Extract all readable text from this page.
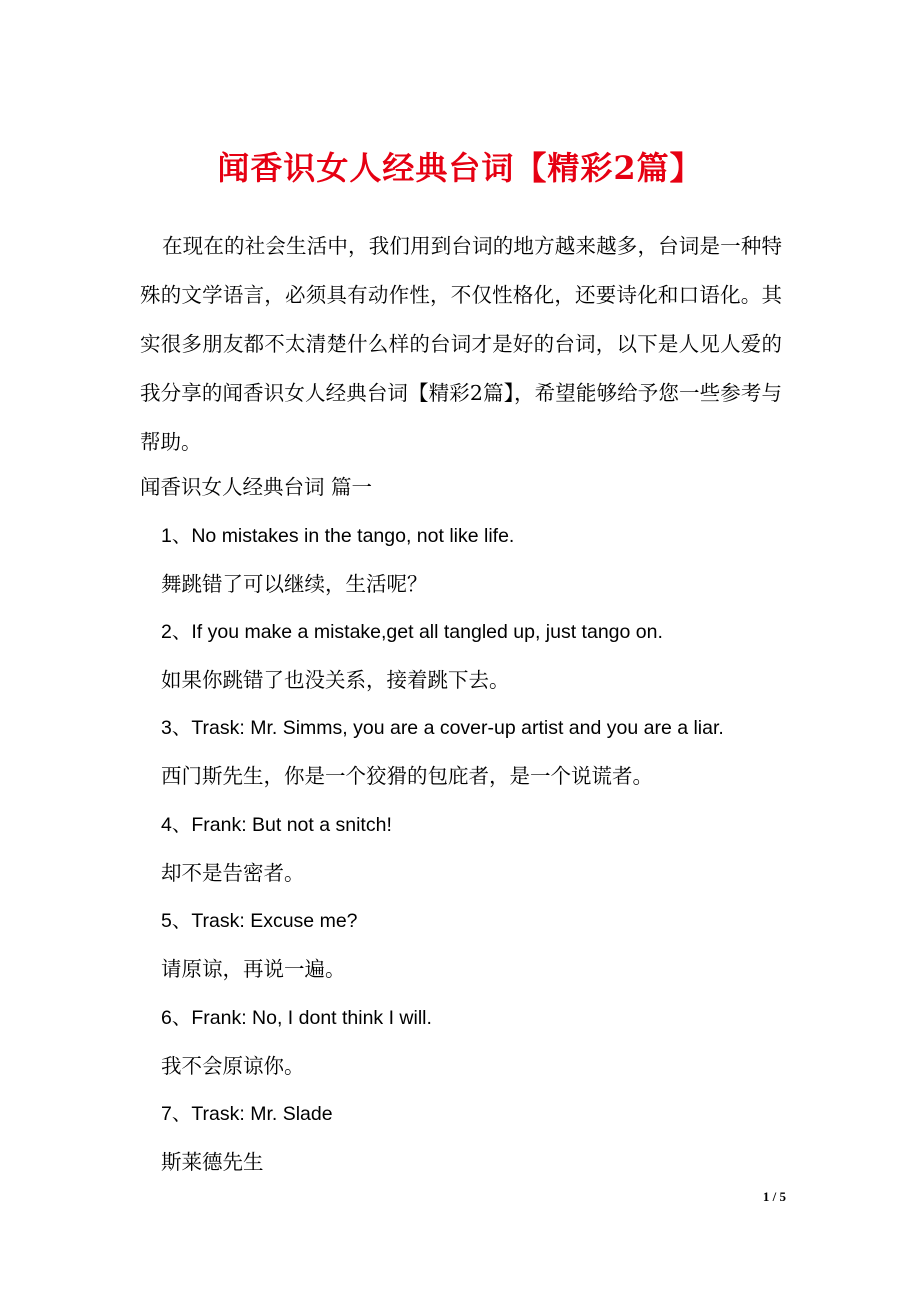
闻香识女人经典台词【精彩2篇】
在现在的社会生活中，我们用到台词的地方越来越多，台词是一种特殊的文学语言，必须具有动作性，不仅性格化，还要诗化和口语化。其实很多朋友都不太清楚什么样的台词才是好的台词，以下是人见人爱的我分享的闻香识女人经典台词【精彩2篇】，希望能够给予您一些参考与帮助。
闻香识女人经典台词 篇一
1、No mistakes in the tango, not like life.
舞跳错了可以继续，生活呢？
2、If you make a mistake,get all tangled up, just tango on.
如果你跳错了也没关系，接着跳下去。
3、Trask: Mr. Simms, you are a cover-up artist and you are a liar.
西门斯先生，你是一个狡猾的包庇者，是一个说谎者。
4、Frank: But not a snitch!
却不是告密者。
5、Trask: Excuse me?
请原谅，再说一遍。
6、Frank: No, I dont think I will.
我不会原谅你。
7、Trask: Mr. Slade
斯莱德先生
1 / 5
